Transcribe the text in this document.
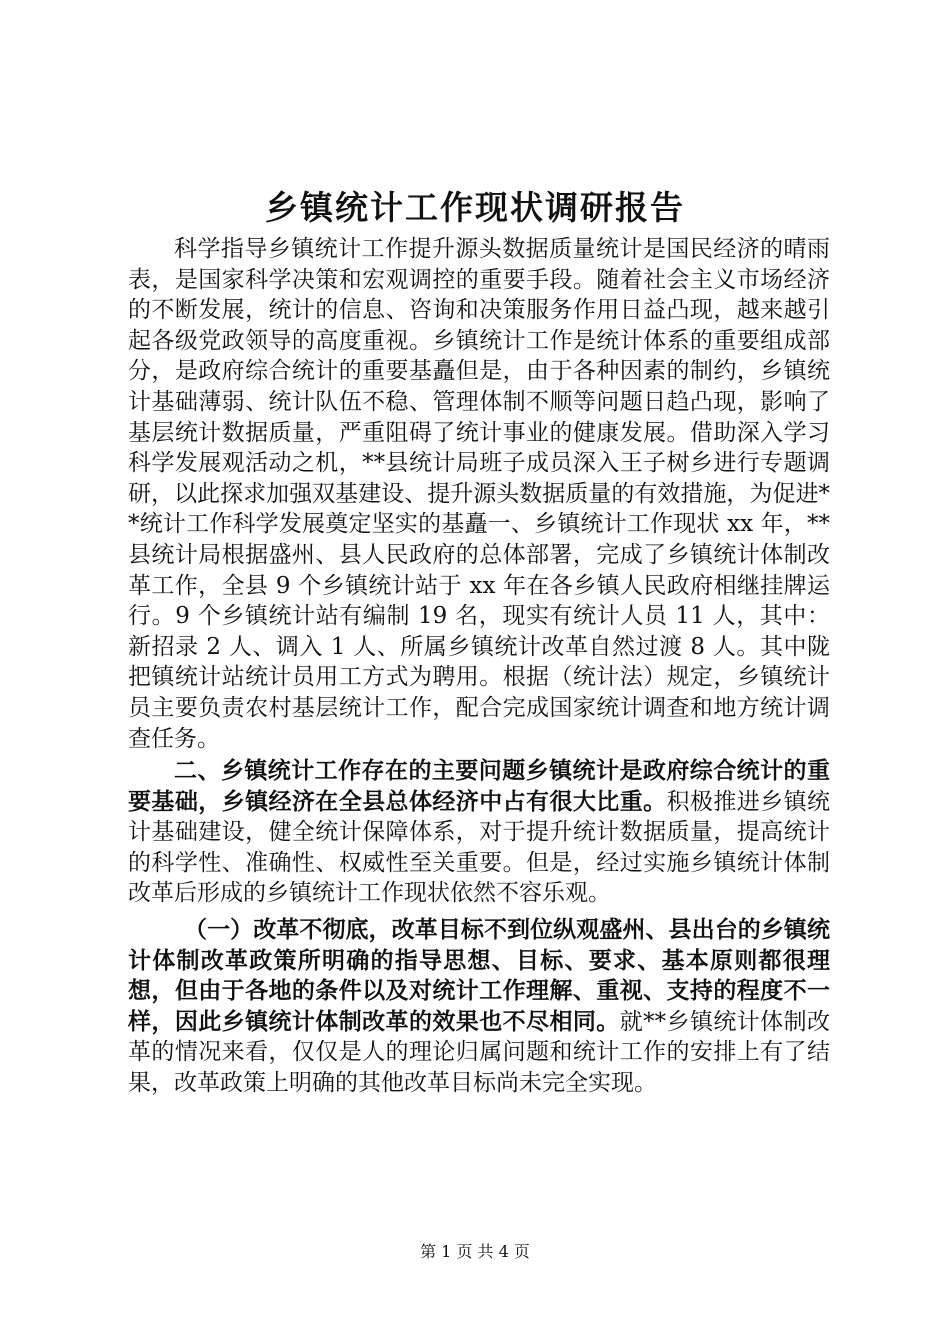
乡镇统计工作现状调研报告

科学指导乡镇统计工作提升源头数据质量统计是国民经济的晴雨表，是国家科学决策和宏观调控的重要手段。随着社会主义市场经济的不断发展，统计的信息、咨询和决策服务作用日益凸现，越来越引起各级党政领导的高度重视。乡镇统计工作是统计体系的重要组成部分，是政府综合统计的重要基矗但是，由于各种因素的制约，乡镇统计基础薄弱、统计队伍不稳、管理体制不顺等问题日趋凸现，影响了基层统计数据质量，严重阻碍了统计事业的健康发展。借助深入学习科学发展观活动之机，**县统计局班子成员深入王子树乡进行专题调研，以此探求加强双基建设、提升源头数据质量的有效措施，为促进**统计工作科学发展奠定坚实的基矗一、乡镇统计工作现状 xx 年，**县统计局根据盛州、县人民政府的总体部署，完成了乡镇统计体制改革工作，全县 9 个乡镇统计站于 xx 年在各乡镇人民政府相继挂牌运行。9 个乡镇统计站有编制 19 名，现实有统计人员 11 人，其中：新招录 2 人、调入 1 人、所属乡镇统计改革自然过渡 8 人。其中陇把镇统计站统计员用工方式为聘用。根据（统计法）规定，乡镇统计员主要负责农村基层统计工作，配合完成国家统计调查和地方统计调查任务。

二、乡镇统计工作存在的主要问题乡镇统计是政府综合统计的重要基础，乡镇经济在全县总体经济中占有很大比重。积极推进乡镇统计基础建设，健全统计保障体系，对于提升统计数据质量，提高统计的科学性、准确性、权威性至关重要。但是，经过实施乡镇统计体制改革后形成的乡镇统计工作现状依然不容乐观。

（一）改革不彻底，改革目标不到位纵观盛州、县出台的乡镇统计体制改革政策所明确的指导思想、目标、要求、基本原则都很理想，但由于各地的条件以及对统计工作理解、重视、支持的程度不一样，因此乡镇统计体制改革的效果也不尽相同。就**乡镇统计体制改革的情况来看，仅仅是人的理论归属问题和统计工作的安排上有了结果，改革政策上明确的其他改革目标尚未完全实现。

第 1 页 共 4 页
